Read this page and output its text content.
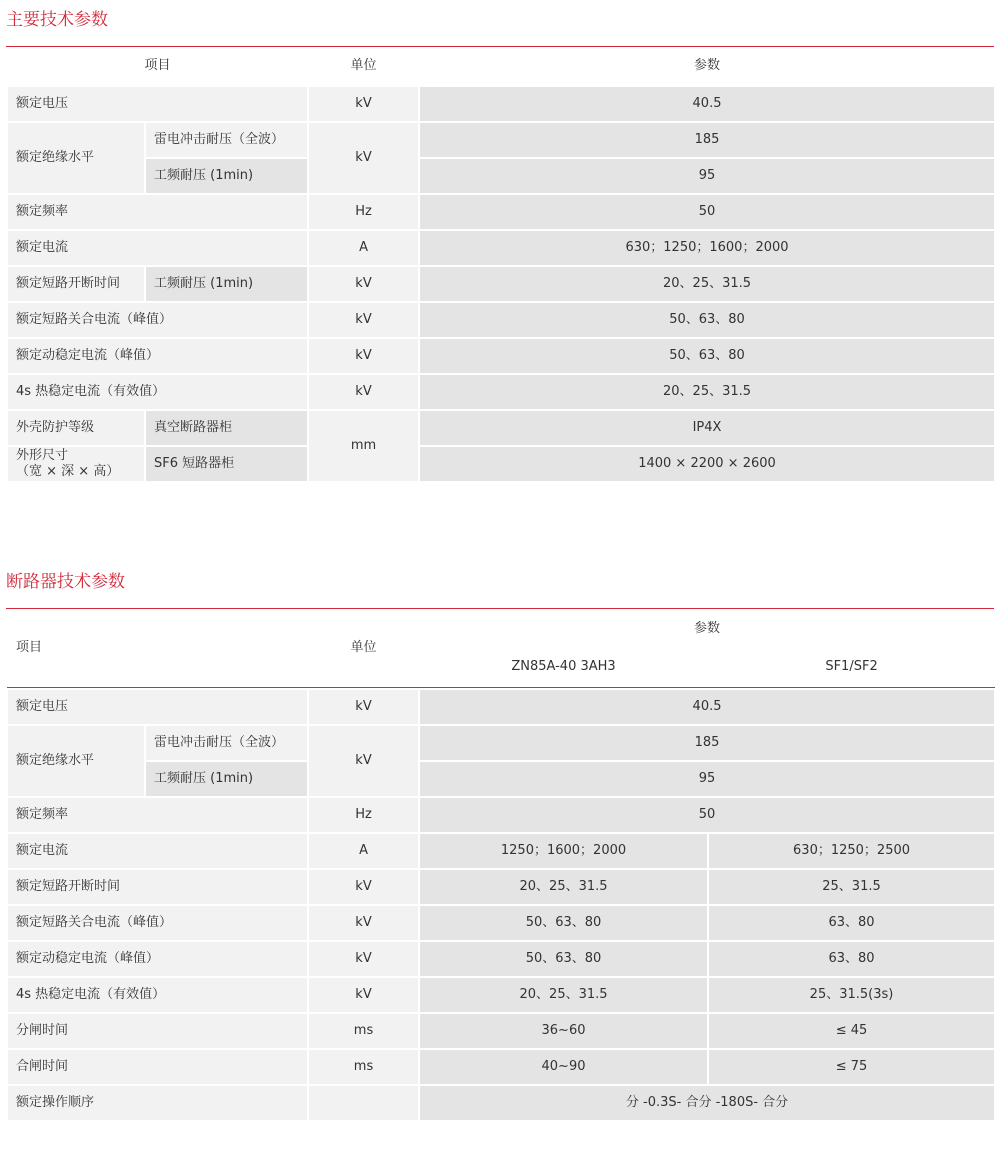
主要技术参数
项目		单位	参数
额定电压		kV	40.5
额定绝缘水平	雷电冲击耐压（全波）	kV	185
	工频耐压 (1min)		95
额定频率		Hz	50
额定电流		A	630；1250；1600；2000
额定短路开断时间	工频耐压 (1min)	kV	20、25、31.5
额定短路关合电流（峰值）		kV	50、63、80
额定动稳定电流（峰值）		kV	50、63、80
4s 热稳定电流（有效值）		kV	20、25、31.5
外壳防护等级	真空断路器柜	mm	IP4X

外形尺寸
（宽 × 深 × 高）	SF6 短路器柜		1400 × 2200 × 2600
断路器技术参数
项目		单位	参数	
			ZN85A-40 3AH3	SF1/SF2

额定电压		kV	40.5	
额定绝缘水平	雷电冲击耐压（全波）	kV	185	
	工频耐压 (1min)		95	
额定频率		Hz	50	
额定电流		A	1250；1600；2000	630；1250；2500
额定短路开断时间		kV	20、25、31.5	25、31.5
额定短路关合电流（峰值）		kV	50、63、80	63、80
额定动稳定电流（峰值）		kV	50、63、80	63、80
4s 热稳定电流（有效值）		kV	20、25、31.5	25、31.5(3s)
分闸时间		ms	36~60	≤ 45
合闸时间		ms	40~90	≤ 75
额定操作顺序			分 -0.3S- 合分 -180S- 合分	
